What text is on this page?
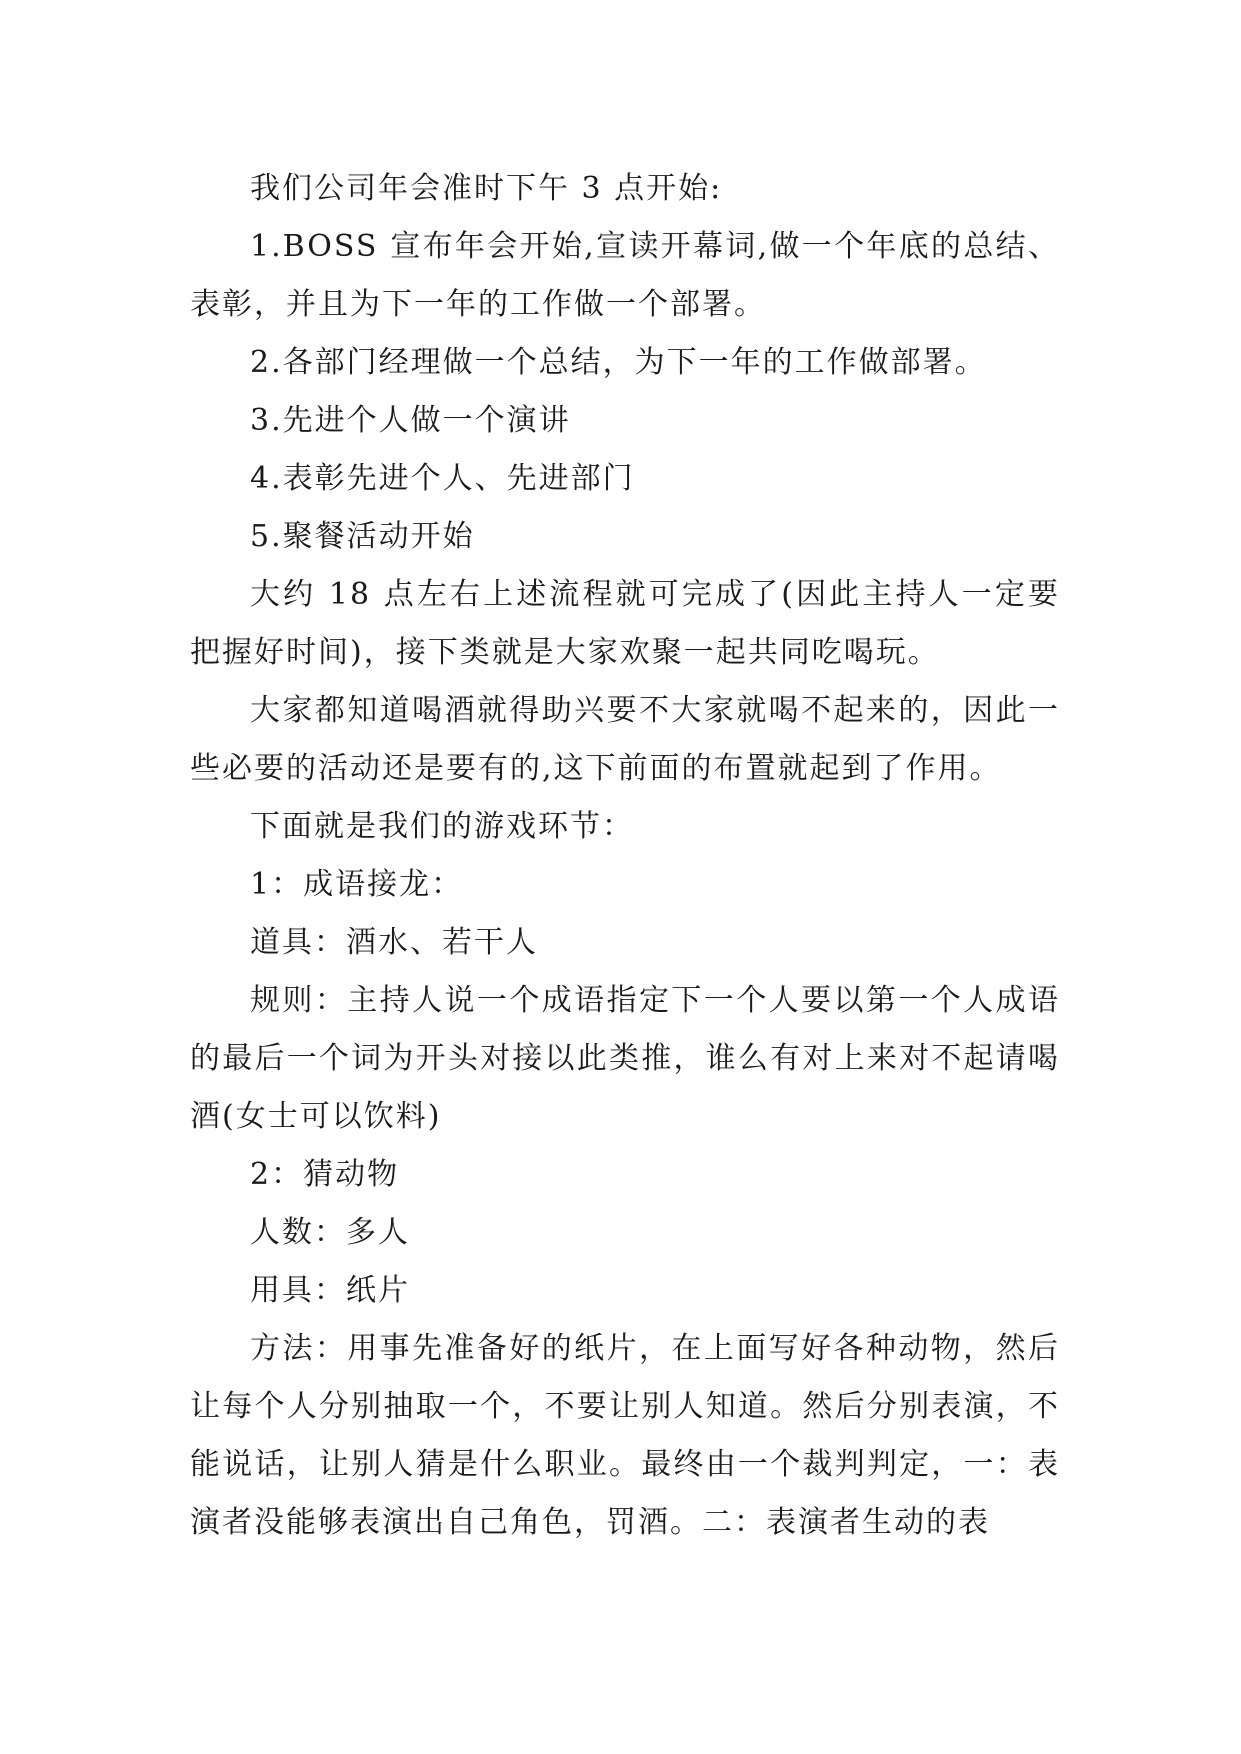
我们公司年会准时下午 3 点开始:

1.BOSS 宣布年会开始,宣读开幕词,做一个年底的总结、表彰，并且为下一年的工作做一个部署。

2.各部门经理做一个总结，为下一年的工作做部署。

3.先进个人做一个演讲

4.表彰先进个人、先进部门

5.聚餐活动开始

大约 18 点左右上述流程就可完成了(因此主持人一定要把握好时间)，接下类就是大家欢聚一起共同吃喝玩。

大家都知道喝酒就得助兴要不大家就喝不起来的，因此一些必要的活动还是要有的,这下前面的布置就起到了作用。

下面就是我们的游戏环节：

1：成语接龙：

道具：酒水、若干人

规则：主持人说一个成语指定下一个人要以第一个人成语的最后一个词为开头对接以此类推，谁么有对上来对不起请喝酒(女士可以饮料)

2：猜动物

人数：多人

用具：纸片

方法：用事先准备好的纸片，在上面写好各种动物，然后让每个人分别抽取一个，不要让别人知道。然后分别表演，不能说话，让别人猜是什么职业。最终由一个裁判判定，一：表演者没能够表演出自己角色，罚酒。二：表演者生动的表
